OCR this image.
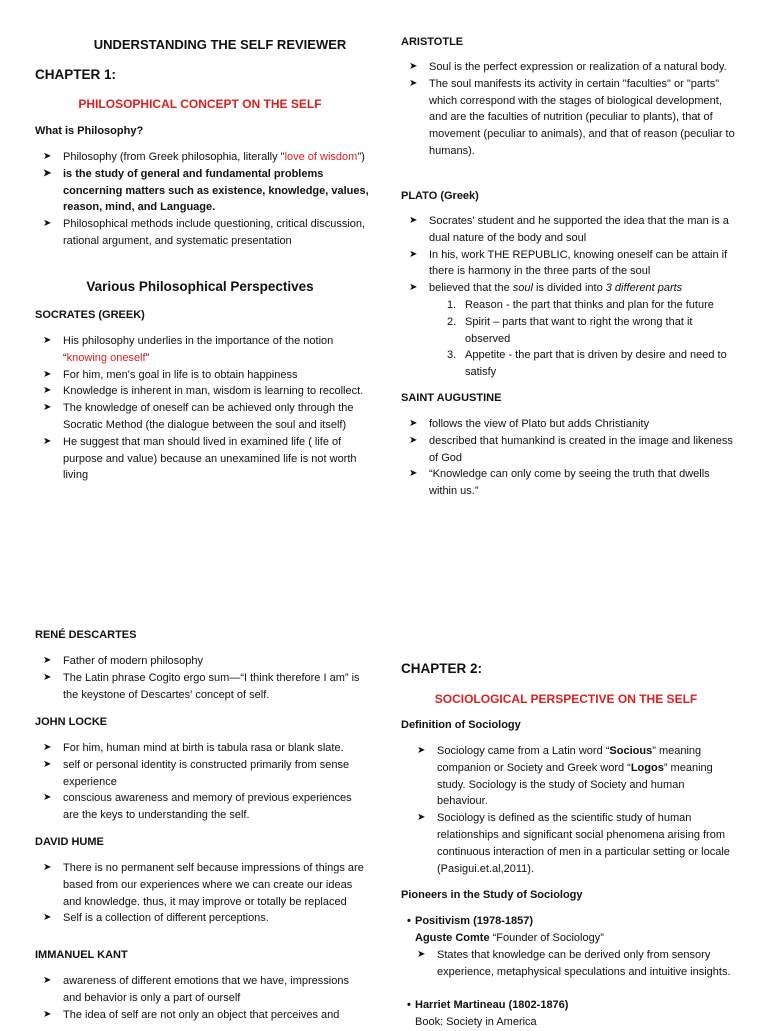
UNDERSTANDING THE SELF REVIEWER
CHAPTER 1:
PHILOSOPHICAL CONCEPT ON THE SELF
What is Philosophy?
➤ Philosophy (from Greek philosophia, literally "love of wisdom")
➤ is the study of general and fundamental problems concerning matters such as existence, knowledge, values, reason, mind, and Language.
➤ Philosophical methods include questioning, critical discussion, rational argument, and systematic presentation
Various Philosophical Perspectives
SOCRATES (GREEK)
➤ His philosophy underlies in the importance of the notion “knowing oneself”
➤ For him, men's goal in life is to obtain happiness
➤ Knowledge is inherent in man, wisdom is learning to recollect.
➤ The knowledge of oneself can be achieved only through the Socratic Method (the dialogue between the soul and itself)
➤ He suggest that man should lived in examined life ( life of purpose and value) because an unexamined life is not worth living
ARISTOTLE
➤ Soul is the perfect expression or realization of a natural body.
➤ The soul manifests its activity in certain "faculties" or "parts" which correspond with the stages of biological development, and are the faculties of nutrition (peculiar to plants), that of movement (peculiar to animals), and that of reason (peculiar to humans).
PLATO (Greek)
➤ Socrates' student and he supported the idea that the man is a dual nature of the body and soul
➤ In his, work THE REPUBLIC, knowing oneself can be attain if there is harmony in the three parts of the soul
➤ believed that the soul is divided into 3 different parts
1. Reason - the part that thinks and plan for the future
2. Spirit – parts that want to right the wrong that it observed
3. Appetite - the part that is driven by desire and need to satisfy
SAINT AUGUSTINE
➤ follows the view of Plato but adds Christianity
➤ described that humankind is created in the image and likeness of God
➤ “Knowledge can only come by seeing the truth that dwells within us.”
RENÉ DESCARTES
➤ Father of modern philosophy
➤ The Latin phrase Cogito ergo sum—“I think therefore I am” is the keystone of Descartes' concept of self.
JOHN LOCKE
➤ For him, human mind at birth is tabula rasa or blank slate.
➤ self or personal identity is constructed primarily from sense experience
➤ conscious awareness and memory of previous experiences are the keys to understanding the self.
DAVID HUME
➤ There is no permanent self because impressions of things are based from our experiences where we can create our ideas and knowledge. thus, it may improve or totally be replaced
➤ Self is a collection of different perceptions.
IMMANUEL KANT
➤ awareness of different emotions that we have, impressions and behavior is only a part of ourself
➤ The idea of self are not only an object that perceives and
CHAPTER 2:
SOCIOLOGICAL PERSPECTIVE ON THE SELF
Definition of Sociology
➤ Sociology came from a Latin word “Socious” meaning companion or Society and Greek word “Logos” meaning study. Sociology is the study of Society and human behaviour.
➤ Sociology is defined as the scientific study of human relationships and significant social phenomena arising from continuous interaction of men in a particular setting or locale (Pasigui.et.al,2011).
Pioneers in the Study of Sociology
• Positivism (1978-1857)
Aguste Comte “Founder of Sociology”
➤ States that knowledge can be derived only from sensory experience, metaphysical speculations and intuitive insights.
• Harriet Martineau (1802-1876)
Book: Society in America
